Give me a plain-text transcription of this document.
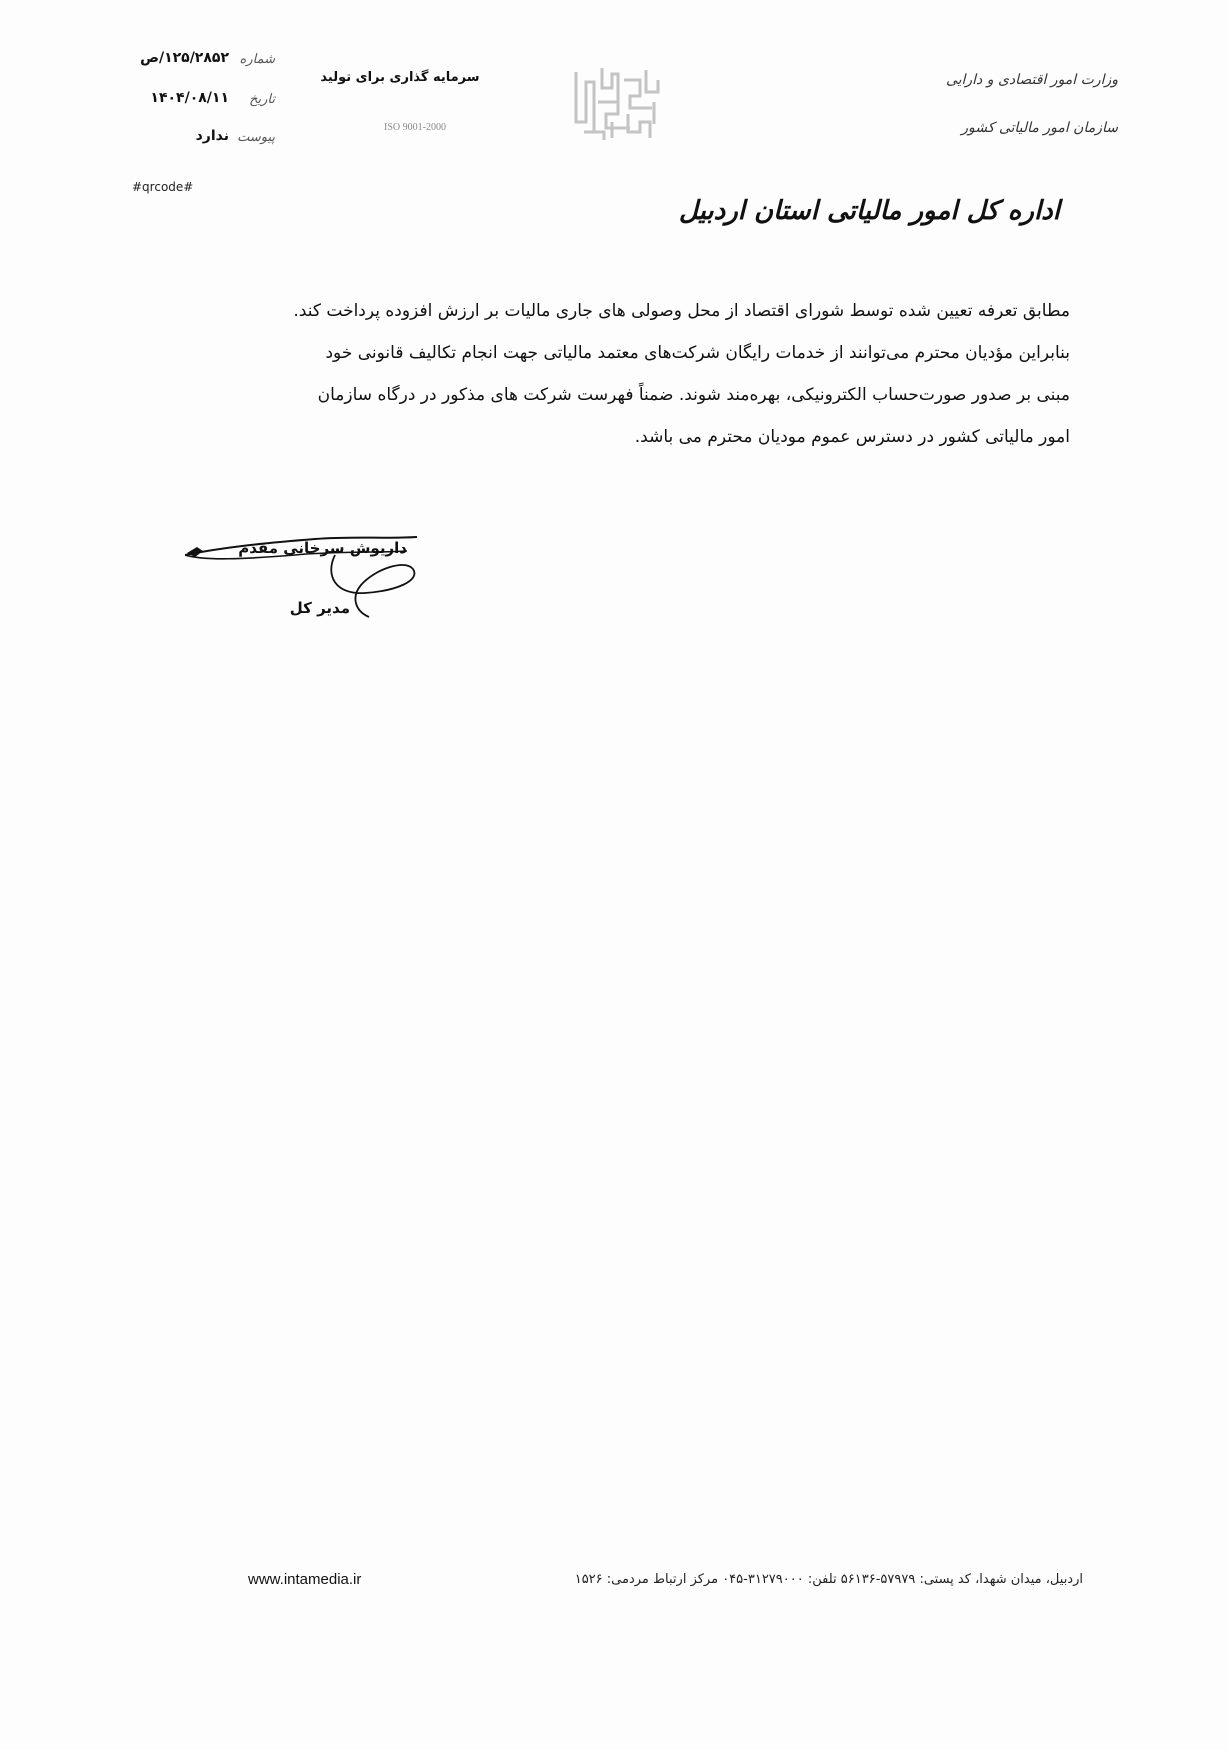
شماره
۱۲۵/۲۸۵۲/ص
تاریخ
۱۴۰۴/۰۸/۱۱
پیوست
ندارد
#qrcode#
سرمایه گذاری برای تولید
ISO 9001-2000
وزارت امور اقتصادی و دارایی
سازمان امور مالیاتی کشور
اداره کل امور مالیاتی استان اردبیل
مطابق تعرفه تعیین شده توسط شورای اقتصاد از محل وصولی های جاری مالیات بر ارزش افزوده پرداخت کند.
بنابراین مؤدیان محترم می‌توانند از خدمات رایگان شرکت‌های معتمد مالیاتی جهت انجام تکالیف قانونی خود
مبنی بر صدور صورت‌حساب الکترونیکی، بهره‌مند شوند. ضمناً فهرست شرکت های مذکور در درگاه سازمان
امور مالیاتی کشور در دسترس عموم مودیان محترم می باشد.
داریوش سرخانی مقدم
مدیر کل
اردبیل، میدان شهدا، کد پستی: ۵۷۹۷۹-۵۶۱۳۶ تلفن: ۳۱۲۷۹۰۰۰-۰۴۵ مرکز ارتباط مردمی: ۱۵۲۶
www.intamedia.ir
